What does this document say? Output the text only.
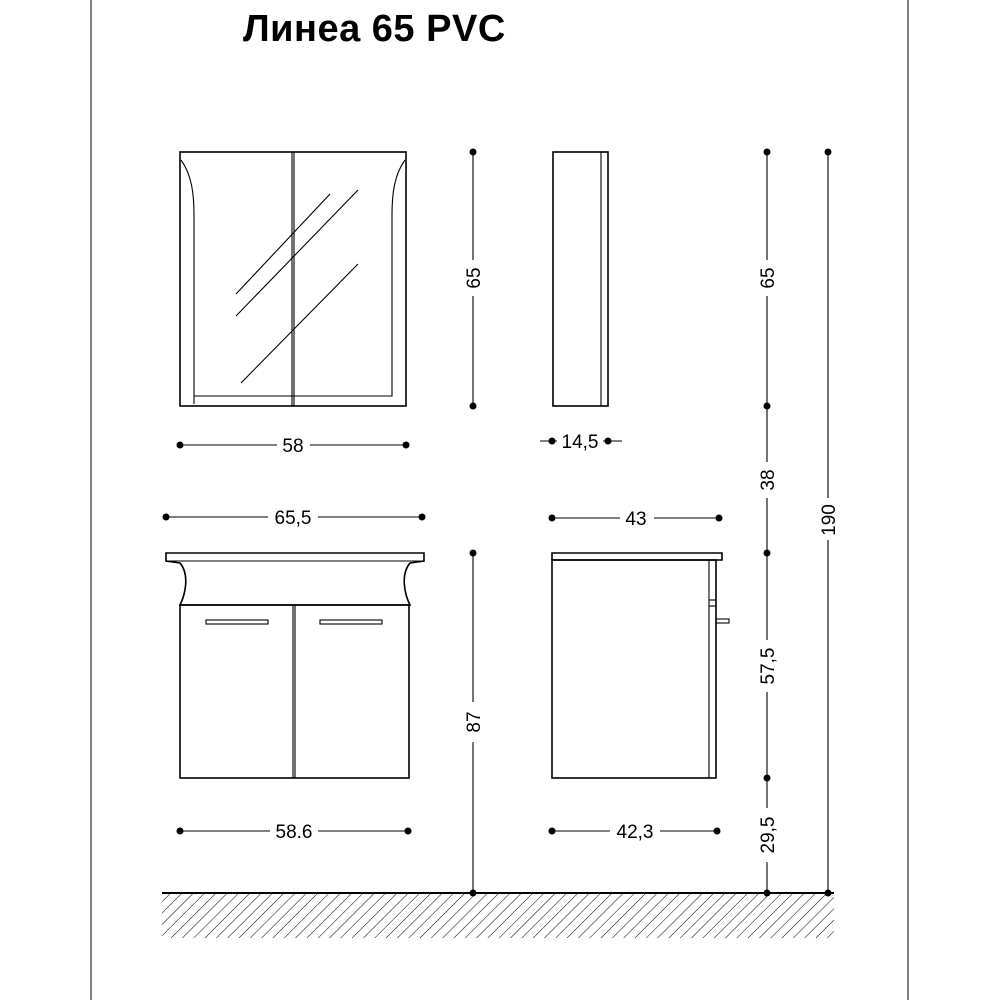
Линеа 65 PVC
58	14,5
65,5	43
58.6	42,3
65
87
65
38
57,5
29,5
190
